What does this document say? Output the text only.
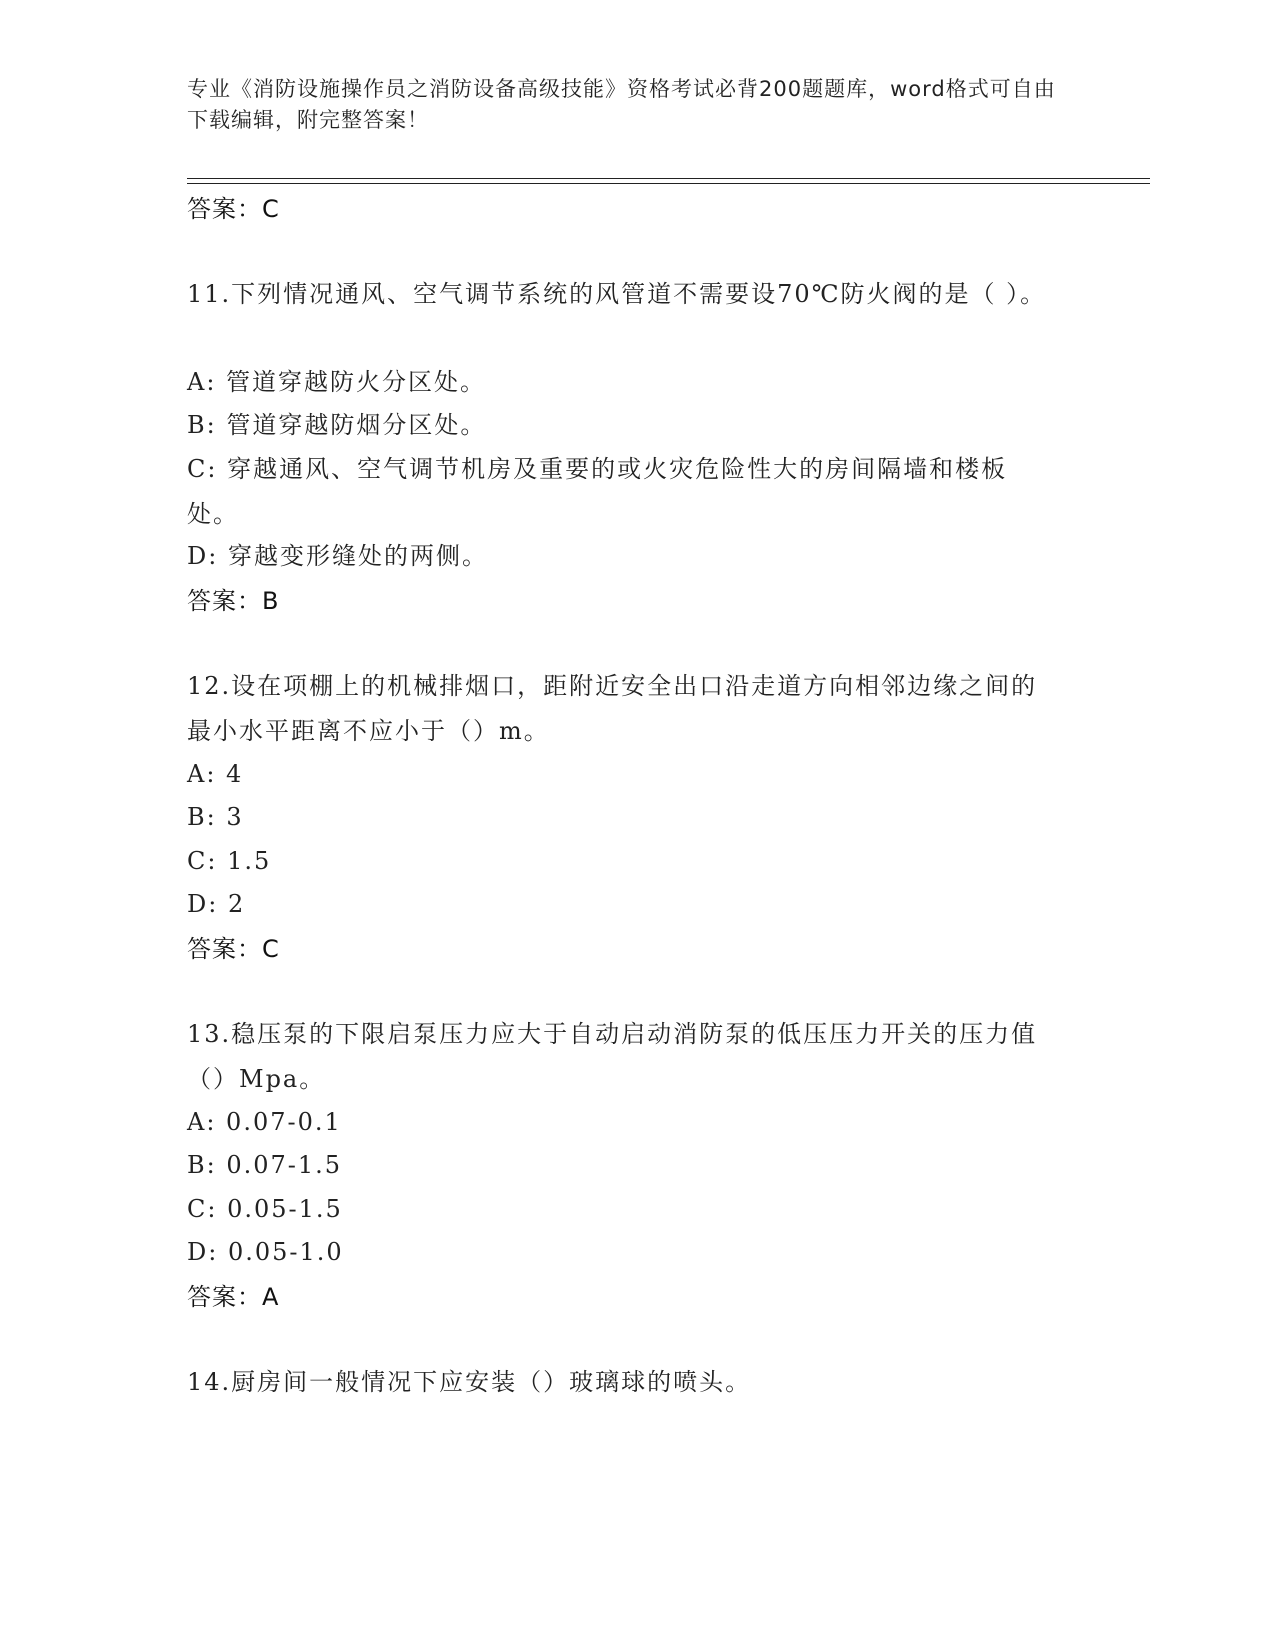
专业《消防设施操作员之消防设备高级技能》资格考试必背200题题库，word格式可自由下载编辑，附完整答案！
答案：C
11.下列情况通风、空气调节系统的风管道不需要设70℃防火阀的是（ ）。
A: 管道穿越防火分区处。
B: 管道穿越防烟分区处。
C: 穿越通风、空气调节机房及重要的或火灾危险性大的房间隔墙和楼板处。
D: 穿越变形缝处的两侧。
答案：B
12.设在项棚上的机械排烟口，距附近安全出口沿走道方向相邻边缘之间的最小水平距离不应小于（）m。
A: 4
B: 3
C: 1.5
D: 2
答案：C
13.稳压泵的下限启泵压力应大于自动启动消防泵的低压压力开关的压力值（）Mpa。
A: 0.07-0.1
B: 0.07-1.5
C: 0.05-1.5
D: 0.05-1.0
答案：A
14.厨房间一般情况下应安装（）玻璃球的喷头。
